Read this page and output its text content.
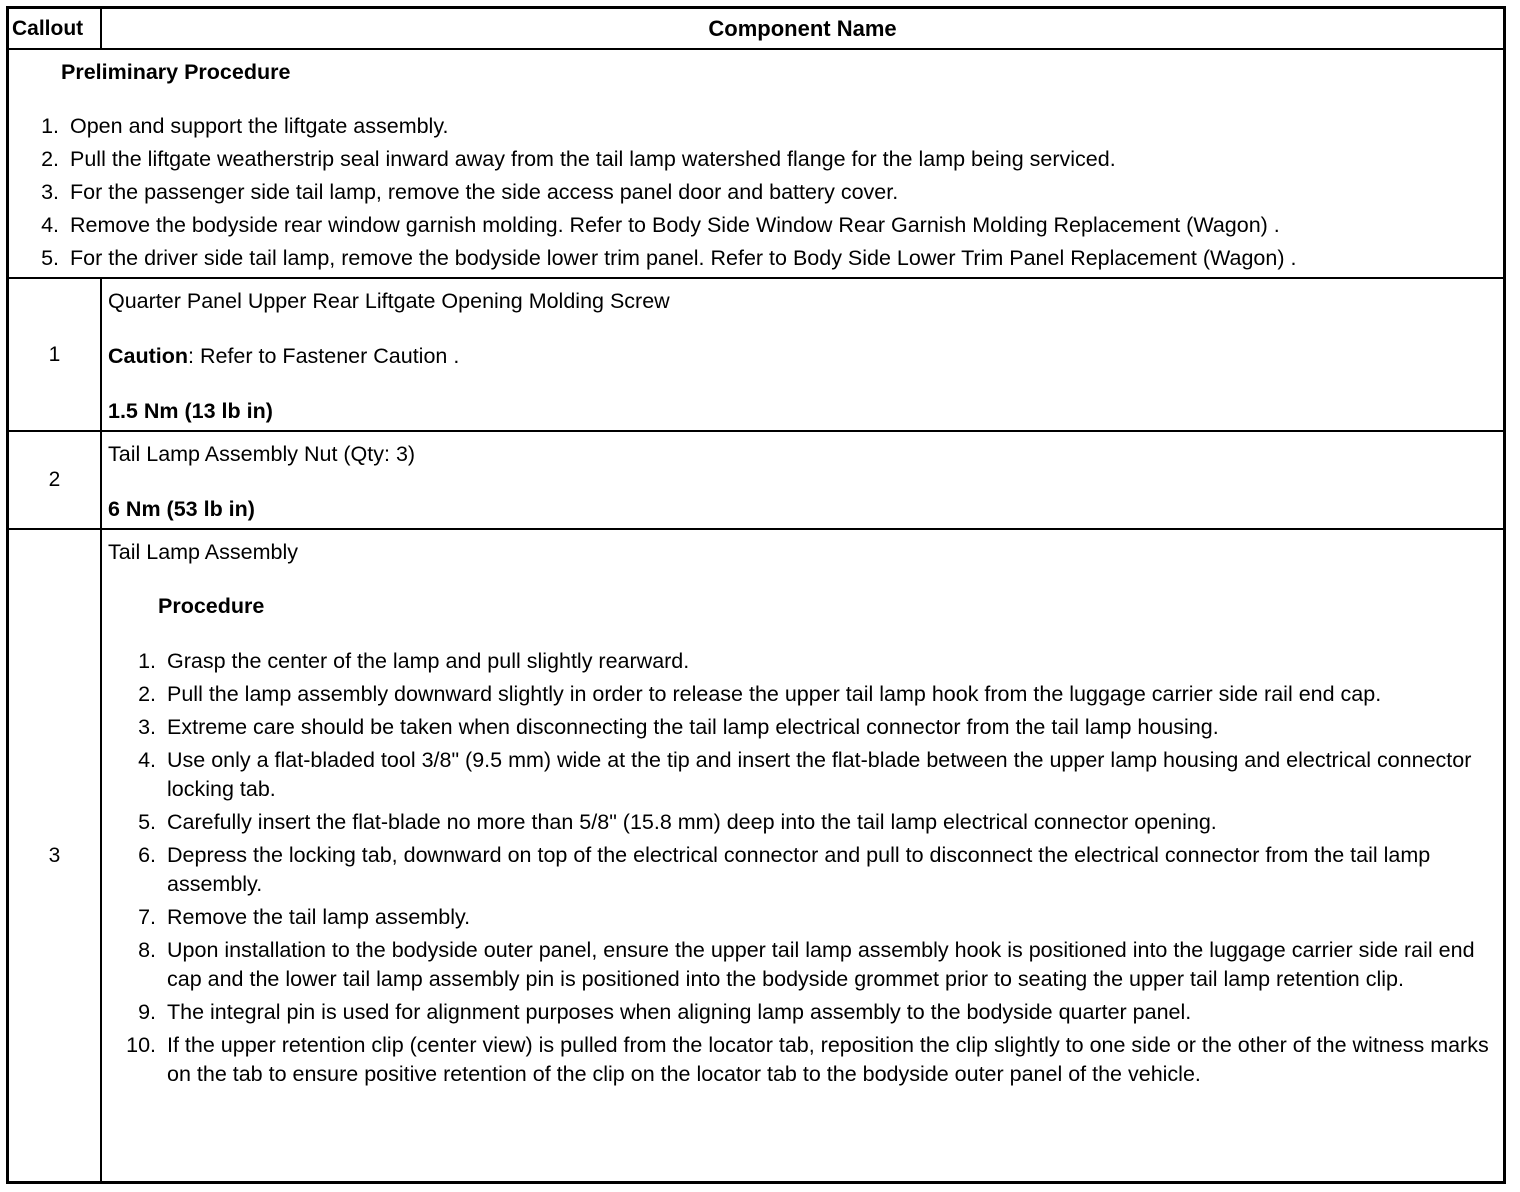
Callout	Component Name
Preliminary Procedure
1. Open and support the liftgate assembly.
2. Pull the liftgate weatherstrip seal inward away from the tail lamp watershed flange for the lamp being serviced.
3. For the passenger side tail lamp, remove the side access panel door and battery cover.
4. Remove the bodyside rear window garnish molding. Refer to Body Side Window Rear Garnish Molding Replacement (Wagon) .
5. For the driver side tail lamp, remove the bodyside lower trim panel. Refer to Body Side Lower Trim Panel Replacement (Wagon) .
1
Quarter Panel Upper Rear Liftgate Opening Molding Screw
Caution: Refer to Fastener Caution .
1.5 Nm (13 lb in)
2
Tail Lamp Assembly Nut (Qty: 3)
6 Nm (53 lb in)
3
Tail Lamp Assembly
Procedure
1. Grasp the center of the lamp and pull slightly rearward.
2. Pull the lamp assembly downward slightly in order to release the upper tail lamp hook from the luggage carrier side rail end cap.
3. Extreme care should be taken when disconnecting the tail lamp electrical connector from the tail lamp housing.
4. Use only a flat-bladed tool 3/8" (9.5 mm) wide at the tip and insert the flat-blade between the upper lamp housing and electrical connector locking tab.
5. Carefully insert the flat-blade no more than 5/8" (15.8 mm) deep into the tail lamp electrical connector opening.
6. Depress the locking tab, downward on top of the electrical connector and pull to disconnect the electrical connector from the tail lamp assembly.
7. Remove the tail lamp assembly.
8. Upon installation to the bodyside outer panel, ensure the upper tail lamp assembly hook is positioned into the luggage carrier side rail end cap and the lower tail lamp assembly pin is positioned into the bodyside grommet prior to seating the upper tail lamp retention clip.
9. The integral pin is used for alignment purposes when aligning lamp assembly to the bodyside quarter panel.
10. If the upper retention clip (center view) is pulled from the locator tab, reposition the clip slightly to one side or the other of the witness marks on the tab to ensure positive retention of the clip on the locator tab to the bodyside outer panel of the vehicle.
